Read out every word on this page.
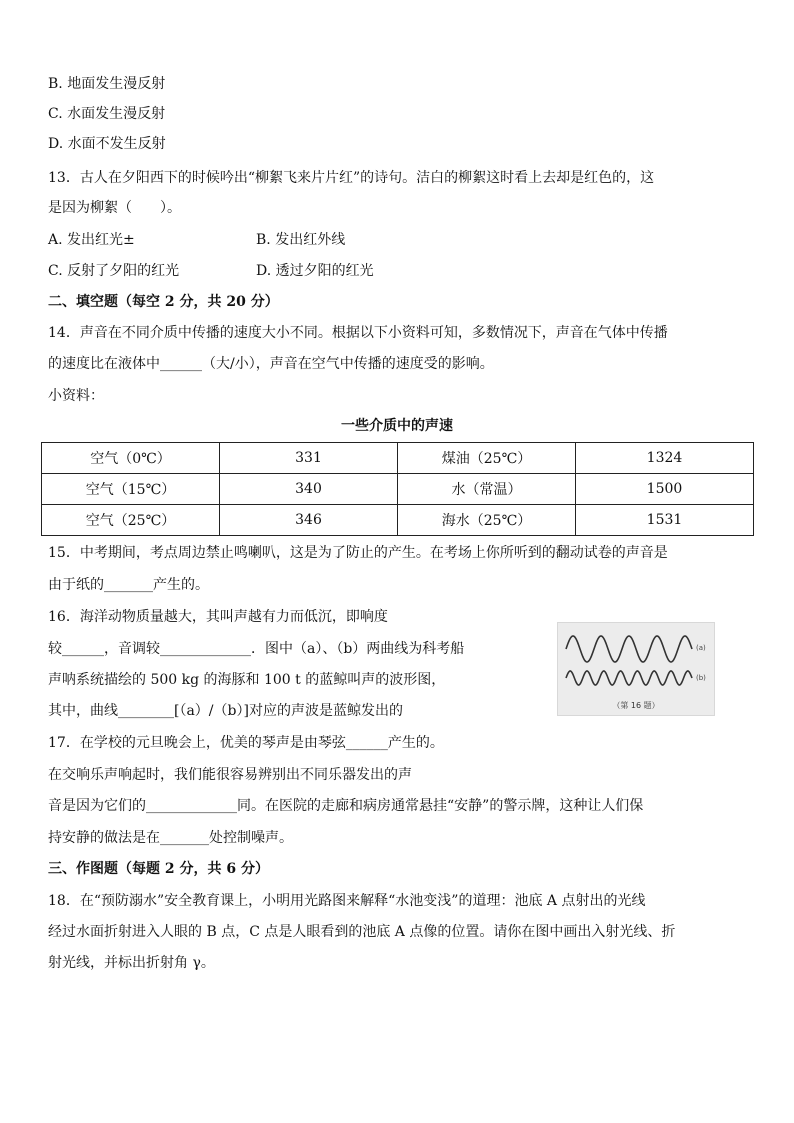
B. 地面发生漫反射
C. 水面发生漫反射
D. 水面不发生反射
13．古人在夕阳西下的时候吟出“柳絮飞来片片红”的诗句。洁白的柳絮这时看上去却是红色的，这
是因为柳絮（　　）。
A. 发出红光±	B. 发出红外线
C. 反射了夕阳的红光	D. 透过夕阳的红光
二、填空题（每空 2 分，共 20 分）
14．声音在不同介质中传播的速度大小不同。根据以下小资料可知，多数情况下，声音在气体中传播
的速度比在液体中______（大/小），声音在空气中传播的速度受的影响。
小资料：
一些介质中的声速
空气（0℃）	331	煤油（25℃）	1324
空气（15℃）	340	水（常温）	1500
空气（25℃）	346	海水（25℃）	1531
15．中考期间，考点周边禁止鸣喇叭，这是为了防止的产生。在考场上你所听到的翻动试卷的声音是
由于纸的_______产生的。
16．海洋动物质量越大，其叫声越有力而低沉，即响度
较______，音调较_____________．图中（a）、（b）两曲线为科考船
声呐系统描绘的 500 kg 的海豚和 100 t 的蓝鲸叫声的波形图，
其中，曲线________[（a）/（b）]对应的声波是蓝鲸发出的
(a)
(b)
（第 16 题）
17．在学校的元旦晚会上，优美的琴声是由琴弦______产生的。
在交响乐声响起时，我们能很容易辨别出不同乐器发出的声
音是因为它们的_____________同。在医院的走廊和病房通常悬挂“安静”的警示牌，这种让人们保
持安静的做法是在_______处控制噪声。
三、作图题（每题 2 分，共 6 分）
18．在“预防溺水”安全教育课上，小明用光路图来解释“水池变浅”的道理：池底 A 点射出的光线
经过水面折射进入人眼的 B 点，C 点是人眼看到的池底 A 点像的位置。请你在图中画出入射光线、折
射光线，并标出折射角 γ。
